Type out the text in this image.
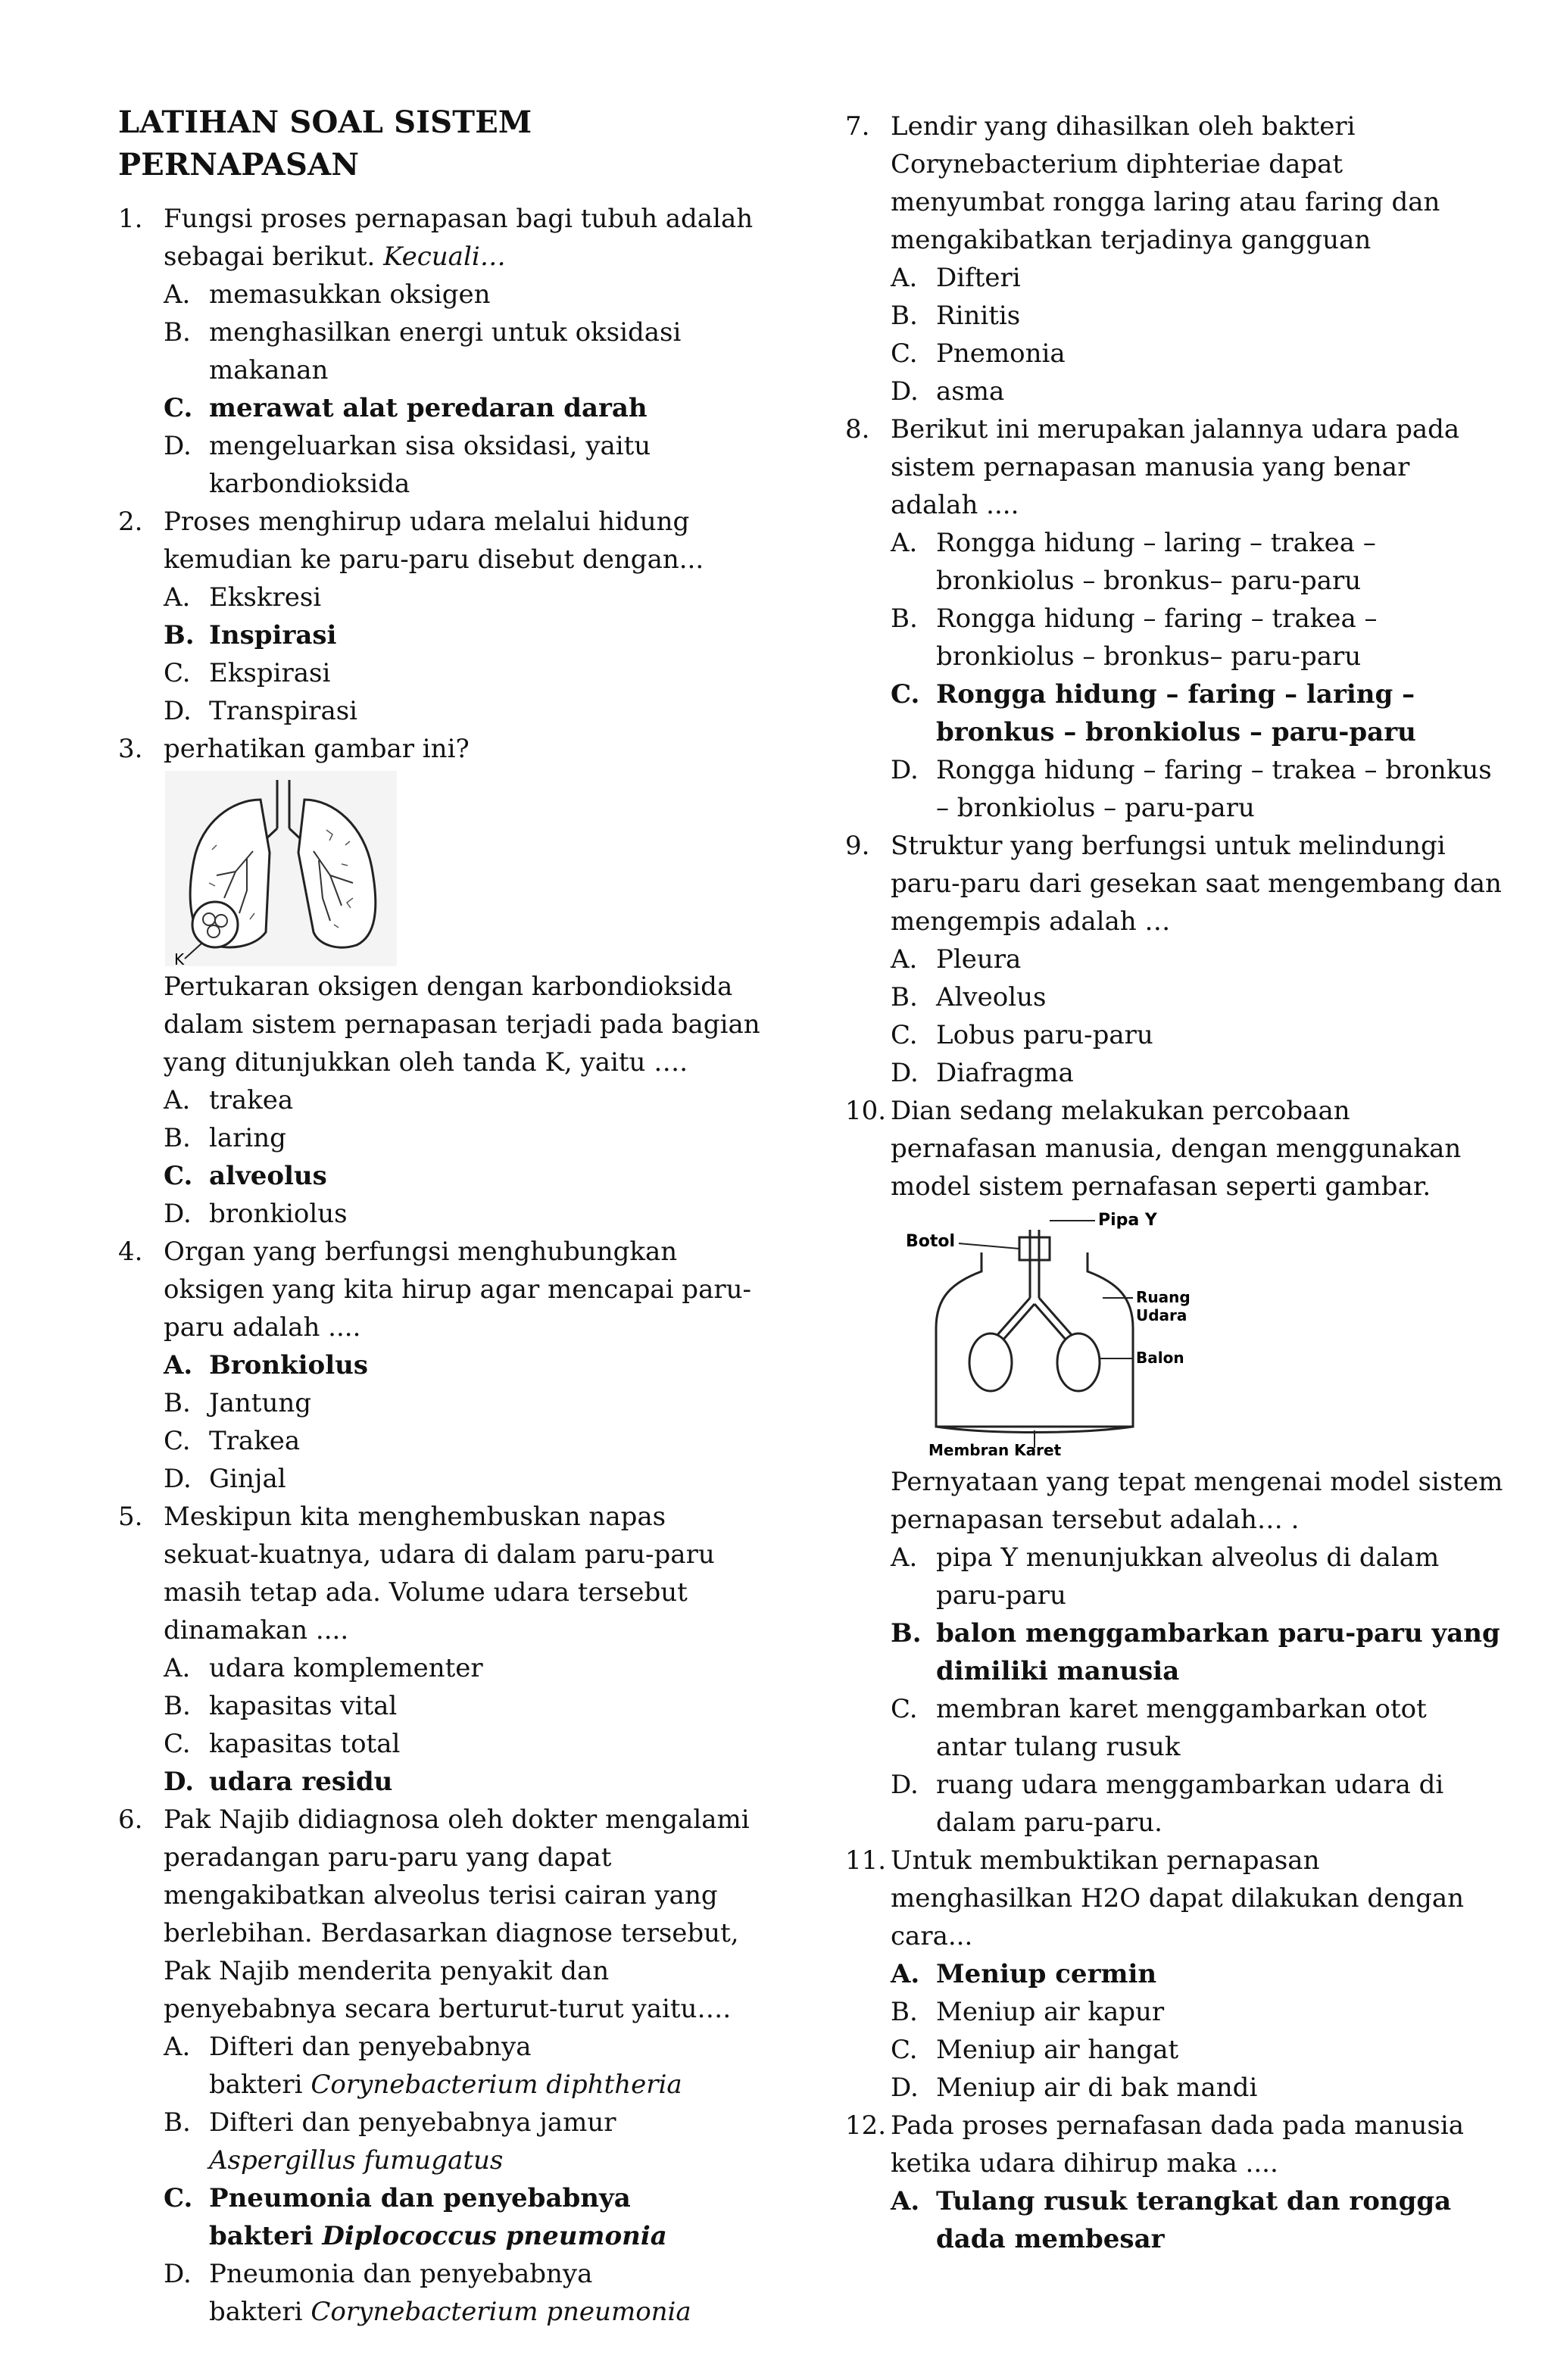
LATIHAN SOAL SISTEM PERNAPASAN
1. Fungsi proses pernapasan bagi tubuh adalah sebagai berikut. Kecuali…
A. memasukkan oksigen
B. menghasilkan energi untuk oksidasi makanan
C. merawat alat peredaran darah
D. mengeluarkan sisa oksidasi, yaitu karbondioksida
2. Proses menghirup udara melalui hidung kemudian ke paru-paru disebut dengan...
A. Ekskresi
B. Inspirasi
C. Ekspirasi
D. Transpirasi
3. perhatikan gambar ini?
K
Pertukaran oksigen dengan karbondioksida dalam sistem pernapasan terjadi pada bagian yang ditunjukkan oleh tanda K, yaitu ….
A. trakea
B. laring
C. alveolus
D. bronkiolus
4. Organ yang berfungsi menghubungkan oksigen yang kita hirup agar mencapai paru-paru adalah ....
A. Bronkiolus
B. Jantung
C. Trakea
D. Ginjal
5. Meskipun kita menghembuskan napas sekuat-kuatnya, udara di dalam paru-paru masih tetap ada. Volume udara tersebut dinamakan ....
A. udara komplementer
B. kapasitas vital
C. kapasitas total
D. udara residu
6. Pak Najib didiagnosa oleh dokter mengalami peradangan paru-paru yang dapat mengakibatkan alveolus terisi cairan yang berlebihan. Berdasarkan diagnose tersebut, Pak Najib menderita penyakit dan penyebabnya secara berturut-turut yaitu….
A. Difteri dan penyebabnya
bakteri Corynebacterium diphtheria
B. Difteri dan penyebabnya jamur Aspergillus fumugatus
C. Pneumonia dan penyebabnya
bakteri Diplococcus pneumonia
D. Pneumonia dan penyebabnya
bakteri Corynebacterium pneumonia
7. Lendir yang dihasilkan oleh bakteri Corynebacterium diphteriae dapat menyumbat rongga laring atau faring dan mengakibatkan terjadinya gangguan
A. Difteri
B. Rinitis
C. Pnemonia
D. asma
8. Berikut ini merupakan jalannya udara pada sistem pernapasan manusia yang benar adalah ....
A. Rongga hidung – laring – trakea – bronkiolus – bronkus– paru-paru
B. Rongga hidung – faring – trakea – bronkiolus – bronkus– paru-paru
C. Rongga hidung – faring – laring – bronkus – bronkiolus – paru-paru
D. Rongga hidung – faring – trakea – bronkus – bronkiolus – paru-paru
9. Struktur yang berfungsi untuk melindungi paru-paru dari gesekan saat mengembang dan mengempis adalah …
A. Pleura
B. Alveolus
C. Lobus paru-paru
D. Diafragma
10. Dian sedang melakukan percobaan pernafasan manusia, dengan menggunakan model sistem pernafasan seperti gambar.
Pipa Y
Botol
Ruang
Udara
Balon
Membran Karet
Pernyataan yang tepat mengenai model sistem pernapasan tersebut adalah… .
A. pipa Y menunjukkan alveolus di dalam paru-paru
B. balon menggambarkan paru-paru yang dimiliki manusia
C. membran karet menggambarkan otot antar tulang rusuk
D. ruang udara menggambarkan udara di dalam paru-paru.
11. Untuk membuktikan pernapasan menghasilkan H2O dapat dilakukan dengan cara...
A. Meniup cermin
B. Meniup air kapur
C. Meniup air hangat
D. Meniup air di bak mandi
12. Pada proses pernafasan dada pada manusia ketika udara dihirup maka ....
A. Tulang rusuk terangkat dan rongga dada membesar
